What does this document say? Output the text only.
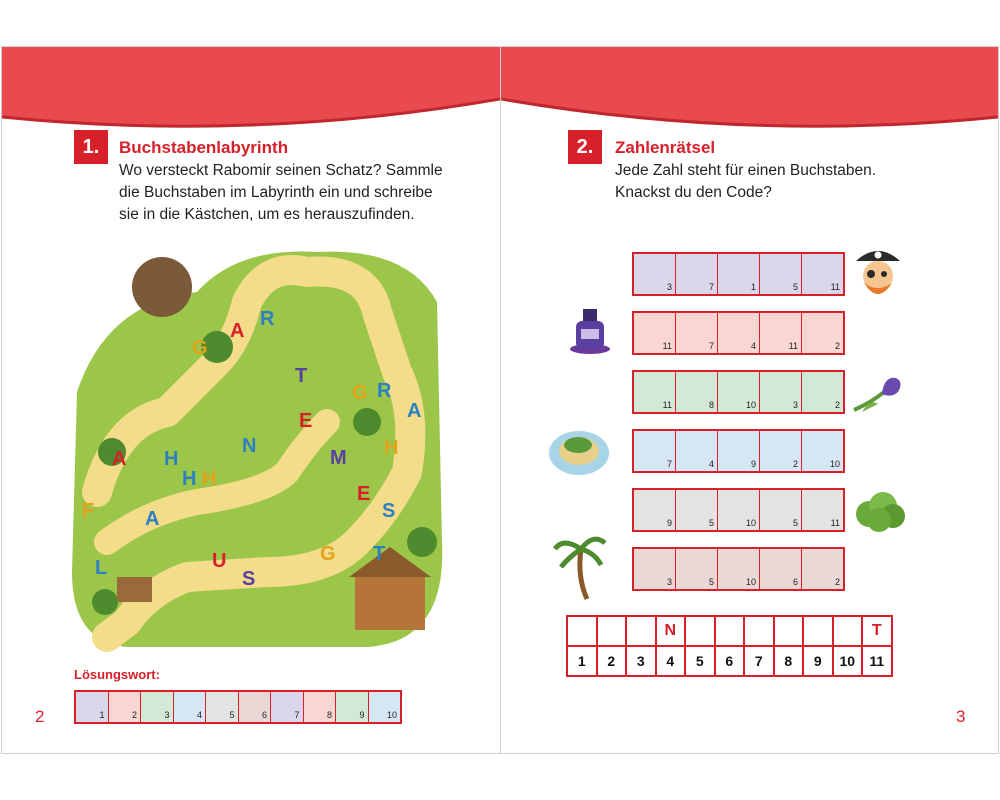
1.	Buchstabenlabyrinth
Wo versteckt Rabomir seinen Schatz? Sammle
die Buchstaben im Labyrinth ein und schreibe
sie in die Kästchen, um es herauszufinden.
G
A
R
T
G R
A
E
H
N
M
H
A
H H
E
F	A	S
L	U
S
G T
Lösungswort:
1	2	3	4	5	6	7	8	9 10
2
2.	Zahlenrätsel
Jede Zahl steht für einen Buchstaben.
Knackst du den Code?
3
3	7	1	5	11
11	7	4	11	2
11	8	10	3	2
7	4	9	2	10
9	5	10	5	11
3	5	10	6	2
			N							T
1	2	3	4	5	6	7	8	9	10	11
